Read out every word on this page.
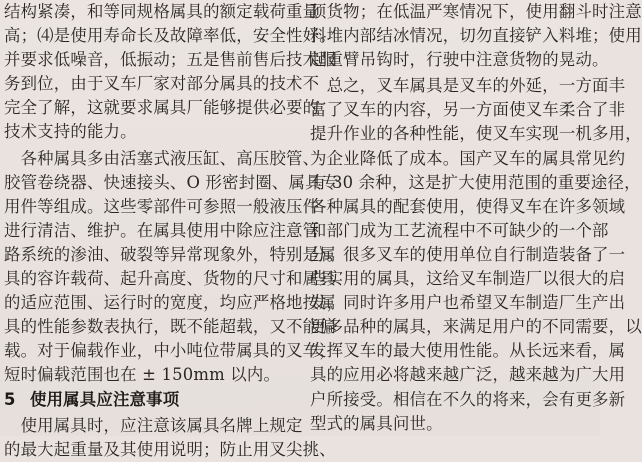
结构紧凑，和等同规格属具的额定载荷重量
高；⑷是使用寿命长及故障率低，安全性好。
并要求低噪音，低振动；五是售前售后技术服
务到位，由于叉车厂家对部分属具的技术不
完全了解，这就要求属具厂能够提供必要的
技术支持的能力。
　各种属具多由活塞式液压缸、高压胶管、
胶管卷绕器、快速接头、O 形密封圈、属具专
用件等组成。这些零部件可参照一般液压件
进行清洁、维护。在属具使用中除应注意管
路系统的渗油、破裂等异常现象外，特别是属
具的容许载荷、起升高度、货物的尺寸和属具
的适应范围、运行时的宽度，均应严格地按属
具的性能参数表执行，既不能超载，又不能偏
载。对于偏载作业，中小吨位带属具的叉车，
短时偏载范围也在 ± 150mm 以内。
5 使用属具应注意事项
　使用属具时，应注意该属具名牌上规定
的最大起重量及其使用说明；防止用叉尖挑、
顶货物；在低温严寒情况下，使用翻斗时注意
料堆内部结冰情况，切勿直接铲入料堆；使用
起重臂吊钩时，行驶中注意货物的晃动。
　总之，叉车属具是叉车的外延，一方面丰
富了叉车的内容，另一方面使叉车柔合了非
提升作业的各种性能，使叉车实现一机多用，
为企业降低了成本。国产叉车的属具常见约
有 30 余种，这是扩大使用范围的重要途径，
各种属具的配套使用，使得叉车在许多领域
和部门成为工艺流程中不可缺少的一个部
分。很多叉车的使用单位自行制造装备了一
些实用的属具，这给叉车制造厂以很大的启
发，同时许多用户也希望叉车制造厂生产出
更多品种的属具，来满足用户的不同需要，以
发挥叉车的最大使用性能。从长远来看，属
具的应用必将越来越广泛，越来越为广大用
户所接受。相信在不久的将来，会有更多新
型式的属具问世。
